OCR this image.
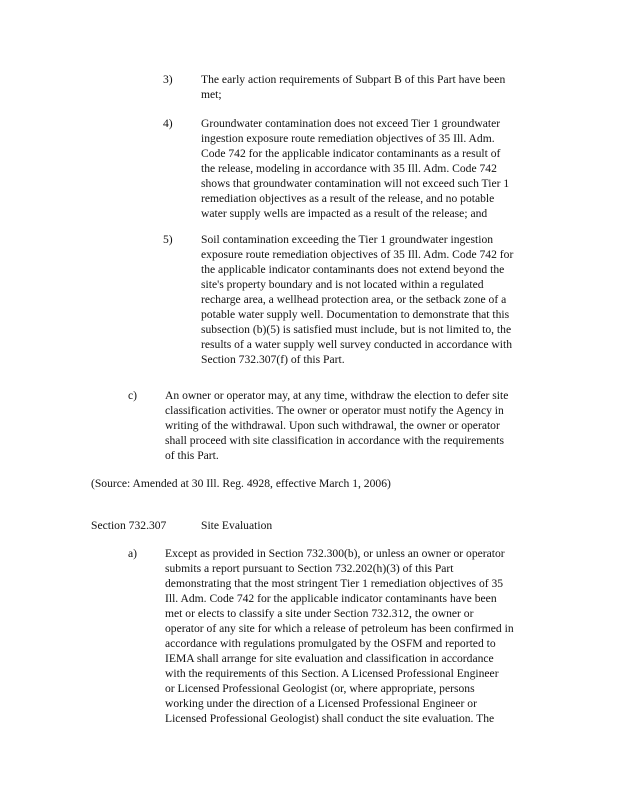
3) The early action requirements of Subpart B of this Part have been
met;
4) Groundwater contamination does not exceed Tier 1 groundwater
ingestion exposure route remediation objectives of 35 Ill. Adm.
Code 742 for the applicable indicator contaminants as a result of
the release, modeling in accordance with 35 Ill. Adm. Code 742
shows that groundwater contamination will not exceed such Tier 1
remediation objectives as a result of the release, and no potable
water supply wells are impacted as a result of the release; and
5) Soil contamination exceeding the Tier 1 groundwater ingestion
exposure route remediation objectives of 35 Ill. Adm. Code 742 for
the applicable indicator contaminants does not extend beyond the
site's property boundary and is not located within a regulated
recharge area, a wellhead protection area, or the setback zone of a
potable water supply well. Documentation to demonstrate that this
subsection (b)(5) is satisfied must include, but is not limited to, the
results of a water supply well survey conducted in accordance with
Section 732.307(f) of this Part.
c) An owner or operator may, at any time, withdraw the election to defer site
classification activities. The owner or operator must notify the Agency in
writing of the withdrawal. Upon such withdrawal, the owner or operator
shall proceed with site classification in accordance with the requirements
of this Part.
(Source: Amended at 30 Ill. Reg. 4928, effective March 1, 2006)
Section 732.307	Site Evaluation
a) Except as provided in Section 732.300(b), or unless an owner or operator
submits a report pursuant to Section 732.202(h)(3) of this Part
demonstrating that the most stringent Tier 1 remediation objectives of 35
Ill. Adm. Code 742 for the applicable indicator contaminants have been
met or elects to classify a site under Section 732.312, the owner or
operator of any site for which a release of petroleum has been confirmed in
accordance with regulations promulgated by the OSFM and reported to
IEMA shall arrange for site evaluation and classification in accordance
with the requirements of this Section. A Licensed Professional Engineer
or Licensed Professional Geologist (or, where appropriate, persons
working under the direction of a Licensed Professional Engineer or
Licensed Professional Geologist) shall conduct the site evaluation. The
